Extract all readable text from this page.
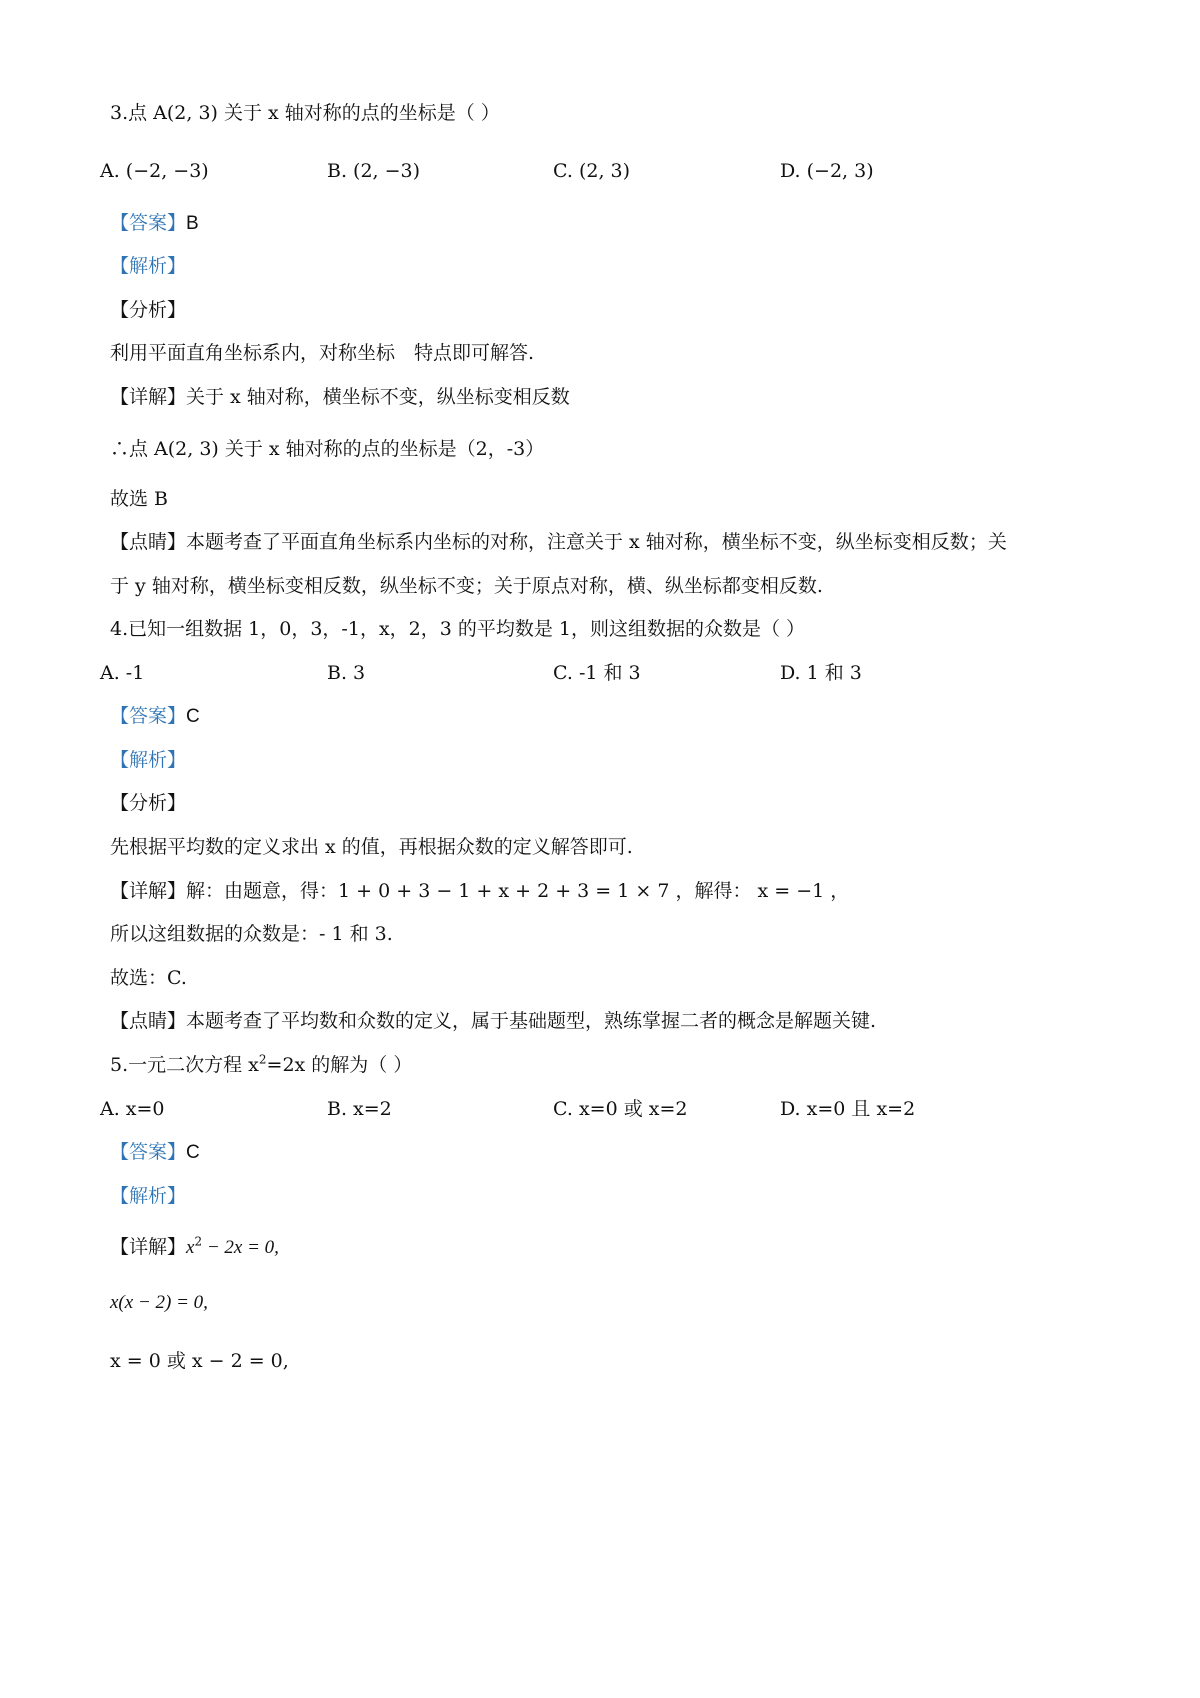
3.点 A(2, 3) 关于 x 轴对称的点的坐标是（ ）
A. (−2, −3)	B. (2, −3)	C. (2, 3)	D. (−2, 3)
【答案】B
【解析】
【分析】
利用平面直角坐标系内，对称坐标　特点即可解答.
【详解】关于 x 轴对称，横坐标不变，纵坐标变相反数
∴点 A(2, 3) 关于 x 轴对称的点的坐标是（2，-3）
故选 B
【点睛】本题考查了平面直角坐标系内坐标的对称，注意关于 x 轴对称，横坐标不变，纵坐标变相反数；关
于 y 轴对称，横坐标变相反数，纵坐标不变；关于原点对称，横、纵坐标都变相反数.
4.已知一组数据 1，0，3，-1，x，2，3 的平均数是 1，则这组数据的众数是（ ）
A. -1	B. 3	C. -1 和 3	D. 1 和 3
【答案】C
【解析】
【分析】
先根据平均数的定义求出 x 的值，再根据众数的定义解答即可.
【详解】解：由题意，得：1 + 0 + 3 − 1 + x + 2 + 3 = 1 × 7 ，解得： x = −1 ，
所以这组数据的众数是：- 1 和 3.
故选：C.
【点睛】本题考查了平均数和众数的定义，属于基础题型，熟练掌握二者的概念是解题关键.
5.一元二次方程 $x^2=2x$ 的解为（ ）
A. x=0	B. x=2	C. x=0 或 x=2	D. x=0 且 x=2
【答案】C
【解析】
【详解】$x^2 - 2x = 0$,
x(x − 2) = 0,
x = 0 或 x − 2 = 0,
